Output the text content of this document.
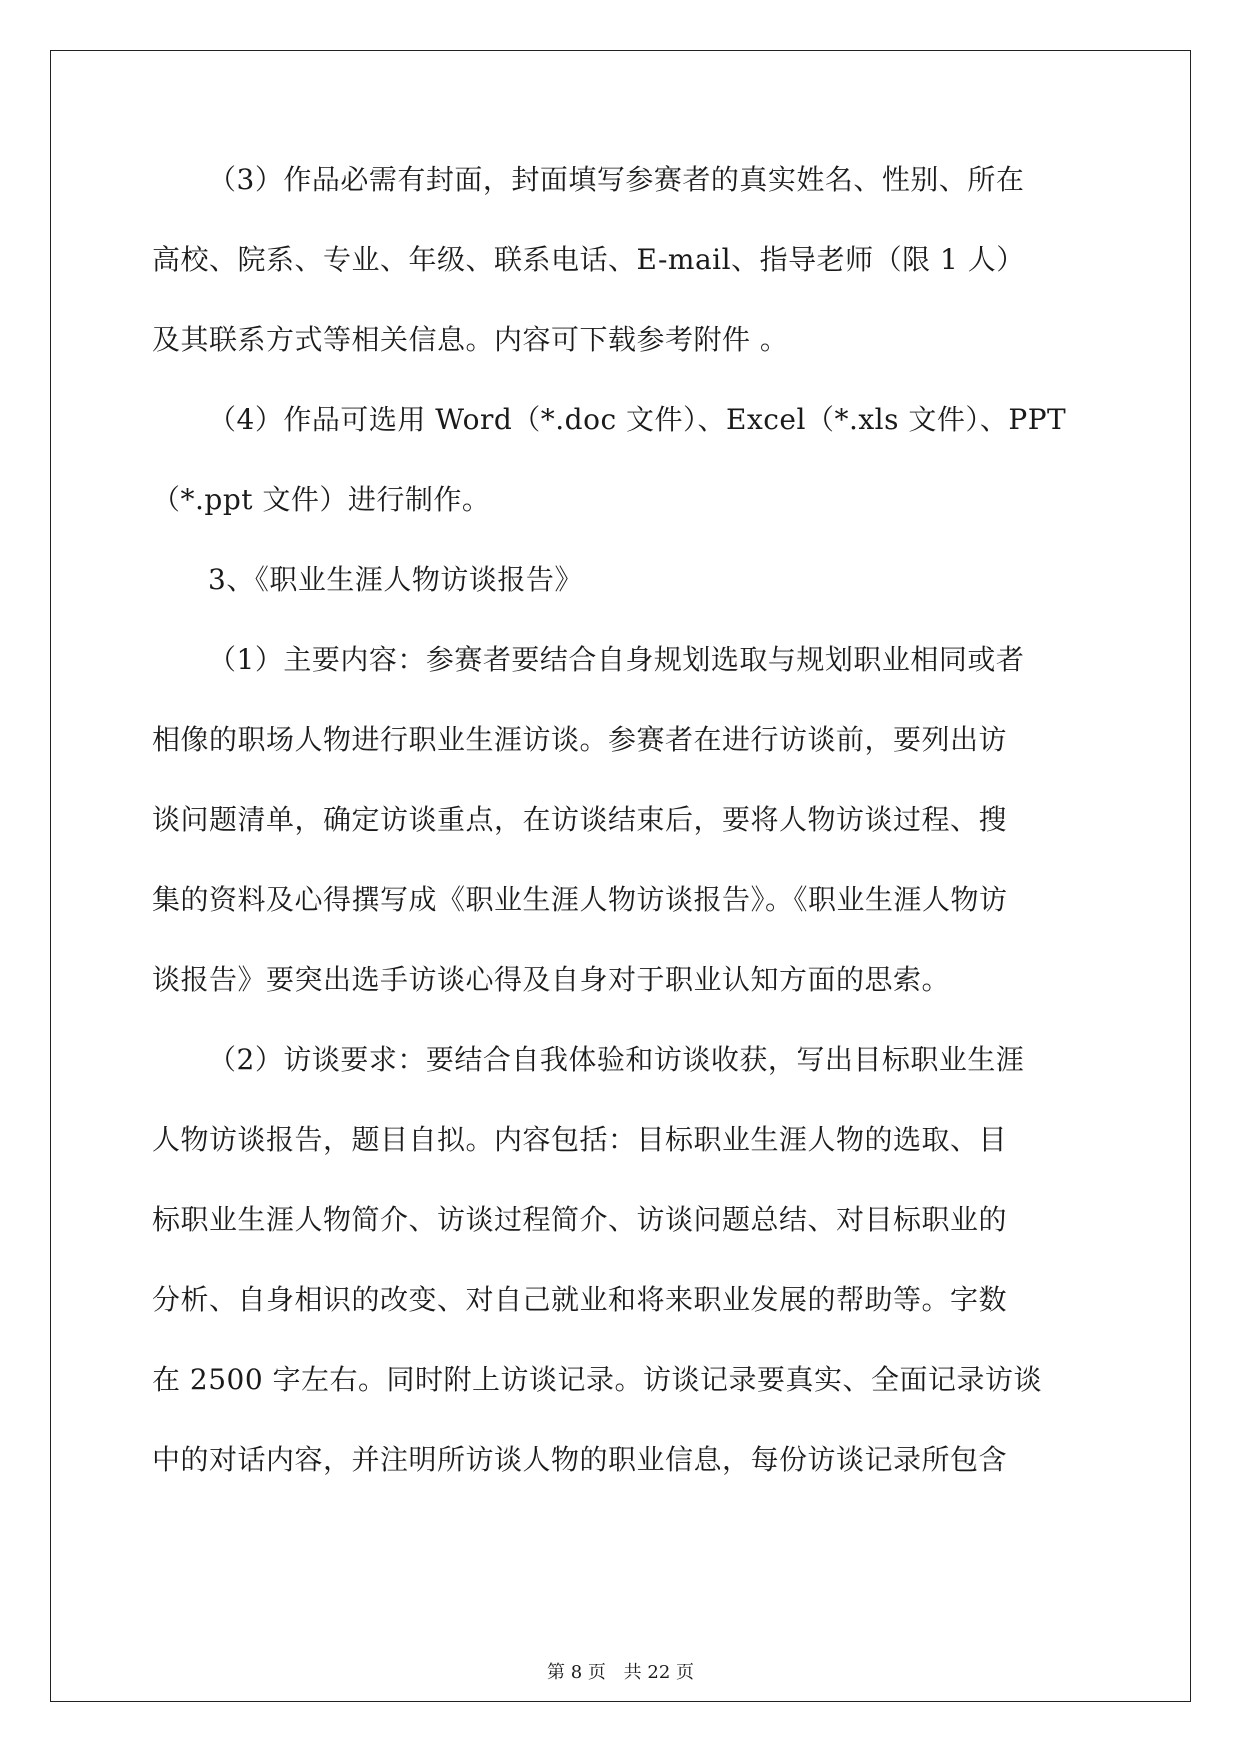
（3）作品必需有封面，封面填写参赛者的真实姓名、性别、所在
高校、院系、专业、年级、联系电话、E-mail、指导老师（限 1 人）
及其联系方式等相关信息。内容可下载参考附件 。
（4）作品可选用 Word（*.doc 文件）、Excel（*.xls 文件）、PPT
（*.ppt 文件）进行制作。
3、《职业生涯人物访谈报告》
（1）主要内容：参赛者要结合自身规划选取与规划职业相同或者
相像的职场人物进行职业生涯访谈。参赛者在进行访谈前，要列出访
谈问题清单，确定访谈重点，在访谈结束后，要将人物访谈过程、搜
集的资料及心得撰写成《职业生涯人物访谈报告》。《职业生涯人物访
谈报告》要突出选手访谈心得及自身对于职业认知方面的思索。
（2）访谈要求：要结合自我体验和访谈收获，写出目标职业生涯
人物访谈报告，题目自拟。内容包括：目标职业生涯人物的选取、目
标职业生涯人物简介、访谈过程简介、访谈问题总结、对目标职业的
分析、自身相识的改变、对自己就业和将来职业发展的帮助等。字数
在 2500 字左右。同时附上访谈记录。访谈记录要真实、全面记录访谈
中的对话内容，并注明所访谈人物的职业信息，每份访谈记录所包含
第 8 页 共 22 页
